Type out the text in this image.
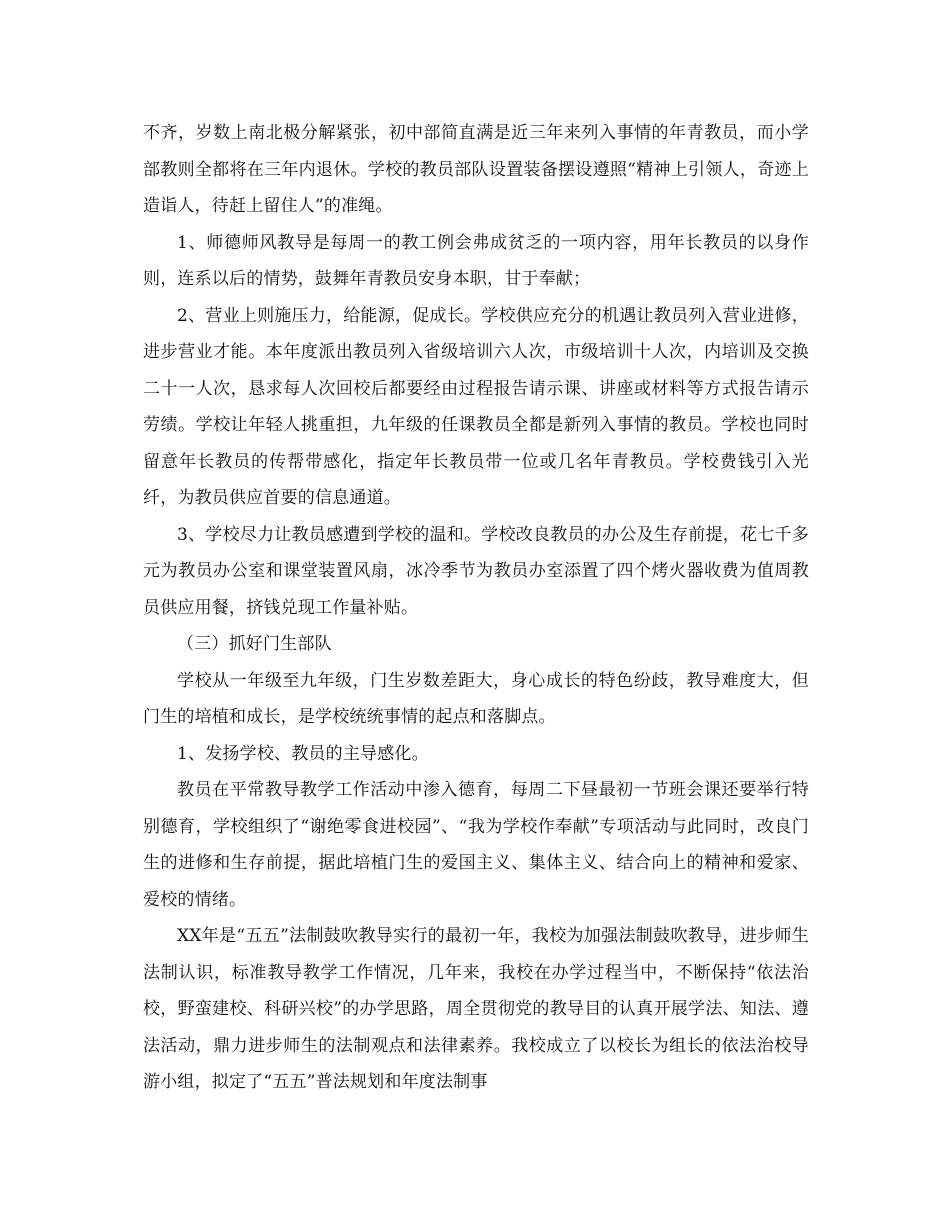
不齐，岁数上南北极分解紧张，初中部简直满是近三年来列入事情的年青教员，而小学部教则全都将在三年内退休。学校的教员部队设置装备摆设遵照“精神上引领人，奇迹上造诣人，待赶上留住人”的准绳。

1、师德师风教导是每周一的教工例会弗成贫乏的一项内容，用年长教员的以身作则，连系以后的情势，鼓舞年青教员安身本职，甘于奉献；

2、营业上则施压力，给能源，促成长。学校供应充分的机遇让教员列入营业进修，进步营业才能。本年度派出教员列入省级培训六人次，市级培训十人次，内培训及交换二十一人次，恳求每人次回校后都要经由过程报告请示课、讲座或材料等方式报告请示劳绩。学校让年轻人挑重担，九年级的任课教员全都是新列入事情的教员。学校也同时留意年长教员的传帮带感化，指定年长教员带一位或几名年青教员。学校费钱引入光纤，为教员供应首要的信息通道。

3、学校尽力让教员感遭到学校的温和。学校改良教员的办公及生存前提，花七千多元为教员办公室和课堂装置风扇，冰冷季节为教员办室添置了四个烤火器收费为值周教员供应用餐，挤钱兑现工作量补贴。

（三）抓好门生部队

学校从一年级至九年级，门生岁数差距大，身心成长的特色纷歧，教导难度大，但门生的培植和成长，是学校统统事情的起点和落脚点。

1、发扬学校、教员的主导感化。

教员在平常教导教学工作活动中渗入德育，每周二下昼最初一节班会课还要举行特别德育，学校组织了“谢绝零食进校园”、“我为学校作奉献”专项活动与此同时，改良门生的进修和生存前提，据此培植门生的爱国主义、集体主义、结合向上的精神和爱家、爱校的情绪。

XX年是“五五”法制鼓吹教导实行的最初一年，我校为加强法制鼓吹教导，进步师生法制认识，标准教导教学工作情况，几年来，我校在办学过程当中，不断保持“依法治校，野蛮建校、科研兴校”的办学思路，周全贯彻党的教导目的认真开展学法、知法、遵法活动，鼎力进步师生的法制观点和法律素养。我校成立了以校长为组长的依法治校导游小组，拟定了“五五”普法规划和年度法制事
